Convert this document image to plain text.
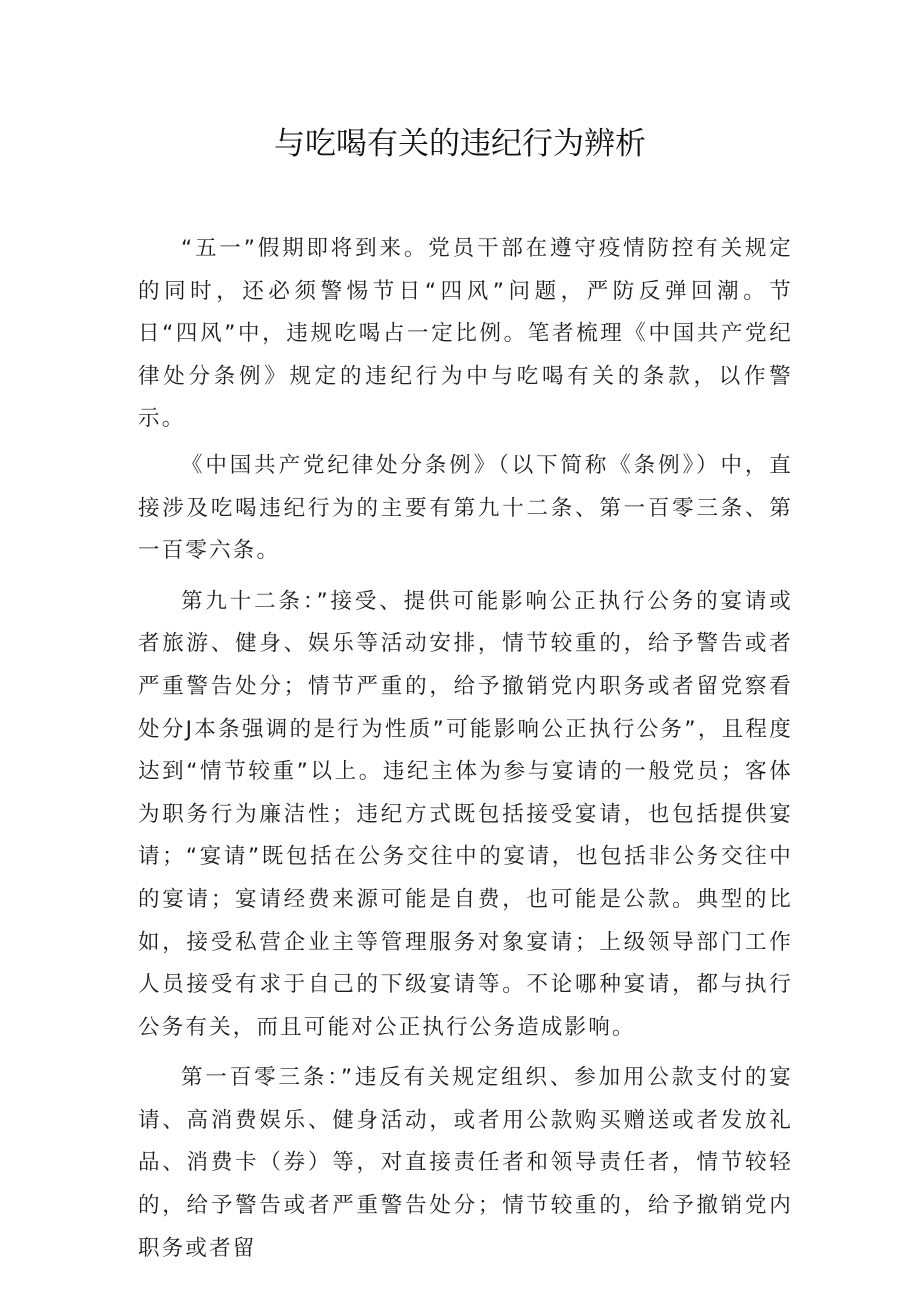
与吃喝有关的违纪行为辨析

“五一”假期即将到来。党员干部在遵守疫情防控有关规定的同时，还必须警惕节日“四风”问题，严防反弹回潮。节日“四风”中，违规吃喝占一定比例。笔者梳理《中国共产党纪律处分条例》规定的违纪行为中与吃喝有关的条款，以作警示。

《中国共产党纪律处分条例》（以下简称《条例》）中，直接涉及吃喝违纪行为的主要有第九十二条、第一百零三条、第一百零六条。

第九十二条：”接受、提供可能影响公正执行公务的宴请或者旅游、健身、娱乐等活动安排，情节较重的，给予警告或者严重警告处分；情节严重的，给予撤销党内职务或者留党察看处分J本条强调的是行为性质”可能影响公正执行公务”，且程度达到“情节较重”以上。违纪主体为参与宴请的一般党员；客体为职务行为廉洁性；违纪方式既包括接受宴请，也包括提供宴请；“宴请”既包括在公务交往中的宴请，也包括非公务交往中的宴请；宴请经费来源可能是自费，也可能是公款。典型的比如，接受私营企业主等管理服务对象宴请；上级领导部门工作人员接受有求于自己的下级宴请等。不论哪种宴请，都与执行公务有关，而且可能对公正执行公务造成影响。

第一百零三条：”违反有关规定组织、参加用公款支付的宴请、高消费娱乐、健身活动，或者用公款购买赠送或者发放礼品、消费卡（券）等，对直接责任者和领导责任者，情节较轻的，给予警告或者严重警告处分；情节较重的，给予撤销党内职务或者留
